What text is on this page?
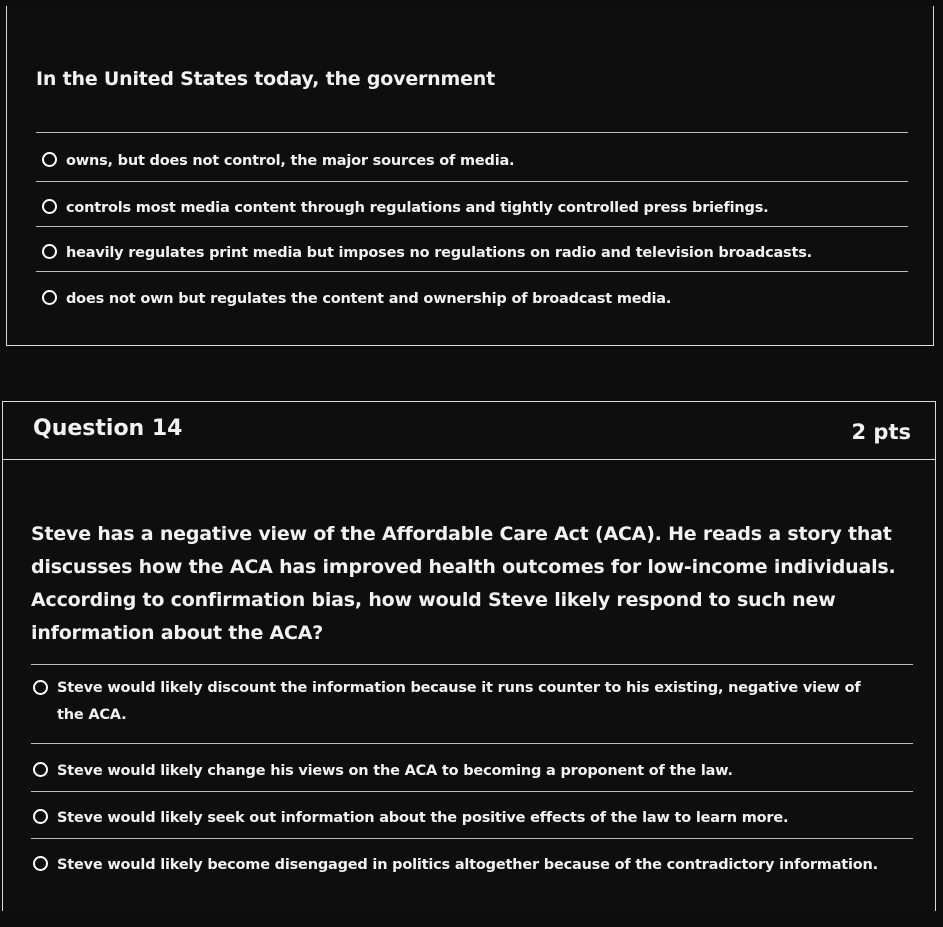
In the United States today, the government
owns, but does not control, the major sources of media.
controls most media content through regulations and tightly controlled press briefings.
heavily regulates print media but imposes no regulations on radio and television broadcasts.
does not own but regulates the content and ownership of broadcast media.
Question 14	2 pts
Steve has a negative view of the Affordable Care Act (ACA). He reads a story that discusses how the ACA has improved health outcomes for low-income individuals. According to confirmation bias, how would Steve likely respond to such new information about the ACA?
Steve would likely discount the information because it runs counter to his existing, negative view of the ACA.
Steve would likely change his views on the ACA to becoming a proponent of the law.
Steve would likely seek out information about the positive effects of the law to learn more.
Steve would likely become disengaged in politics altogether because of the contradictory information.
